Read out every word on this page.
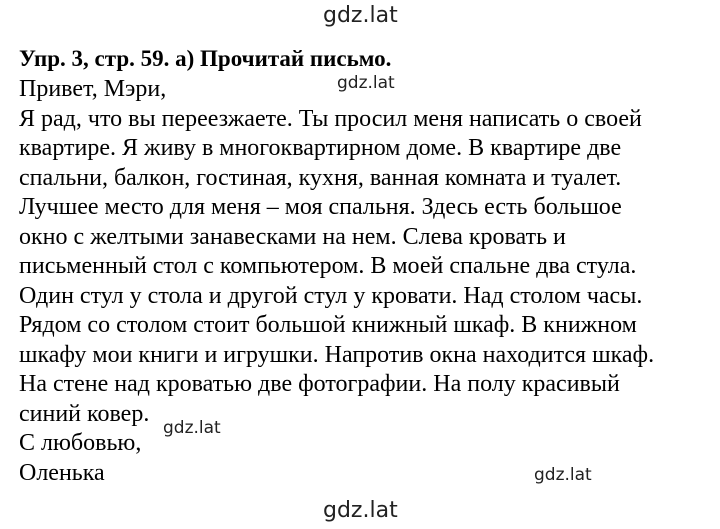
gdz.lat
Упр. 3, стр. 59. а) Прочитай письмо.
Привет, Мэри,
Я рад, что вы переезжаете. Ты просил меня написать о своей
квартире. Я живу в многоквартирном доме. В квартире две
спальни, балкон, гостиная, кухня, ванная комната и туалет.
Лучшее место для меня – моя спальня. Здесь есть большое
окно с желтыми занавесками на нем. Слева кровать и
письменный стол с компьютером. В моей спальне два стула.
Один стул у стола и другой стул у кровати. Над столом часы.
Рядом со столом стоит большой книжный шкаф. В книжном
шкафу мои книги и игрушки. Напротив окна находится шкаф.
На стене над кроватью две фотографии. На полу красивый
синий ковер.
С любовью,
Оленька
gdz.lat
gdz.lat
gdz.lat
gdz.lat
